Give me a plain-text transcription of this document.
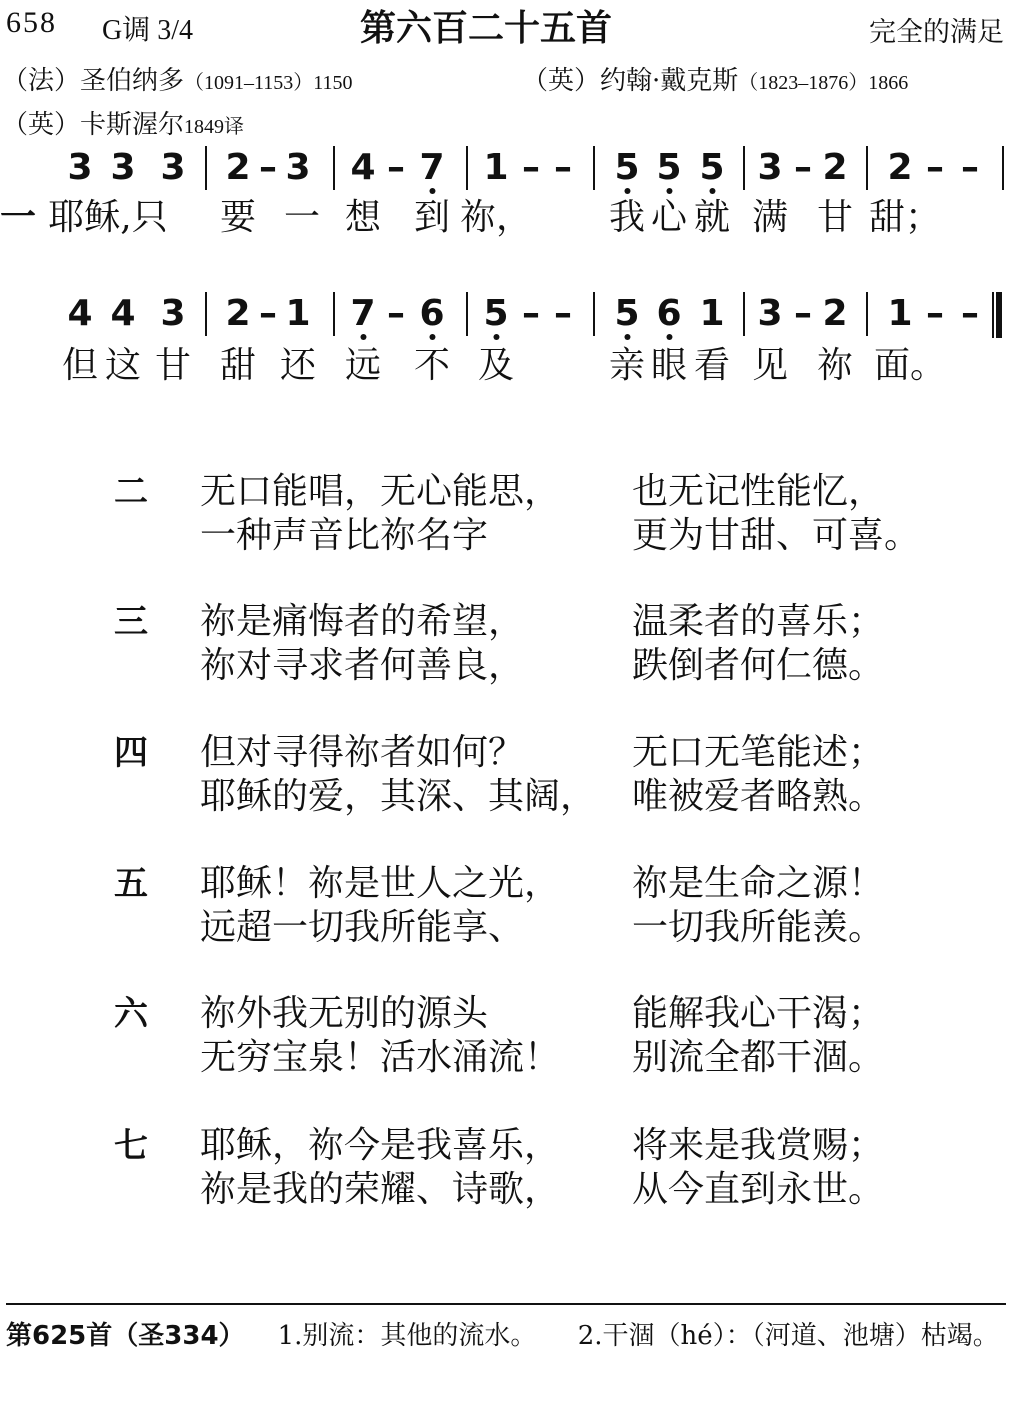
658 G调 3/4	第六百二十五首	完全的满足
（法）圣伯纳多（1091–1153）1150	（英）约翰·戴克斯（1823–1876）1866
（英）卡斯渥尔1849译
一
3 3 3 2 – 3 4 – 7 1 – – 5 5 5 3 – 2 2 – –
耶稣,只 要 一 想 到 祢， 我 心 就 满 甘 甜；
4 4 3 2 – 1 7 – 6 5 – – 5 6 1 3 – 2 1 – –
但 这 甘 甜 还 远 不 及	亲 眼 看 见 祢 面。
二 无口能唱，无心能思， 也无记性能忆，
一种声音比祢名字	更为甘甜、可喜。
三 祢是痛悔者的希望，	温柔者的喜乐；
祢对寻求者何善良，	跌倒者何仁德。
四 但对寻得祢者如何？	无口无笔能述；
耶稣的爱，其深、其阔， 唯被爱者略熟。
五 耶稣！祢是世人之光， 祢是生命之源！
远超一切我所能享、	一切我所能羡。
六 祢外我无别的源头	能解我心干渴；
无穷宝泉！活水涌流！ 别流全都干涸。
七 耶稣，祢今是我喜乐， 将来是我赏赐；
祢是我的荣耀、诗歌， 从今直到永世。
第625首（圣334） 1.别流：其他的流水。 2.干涸（hé）：（河道、池塘）枯竭。
